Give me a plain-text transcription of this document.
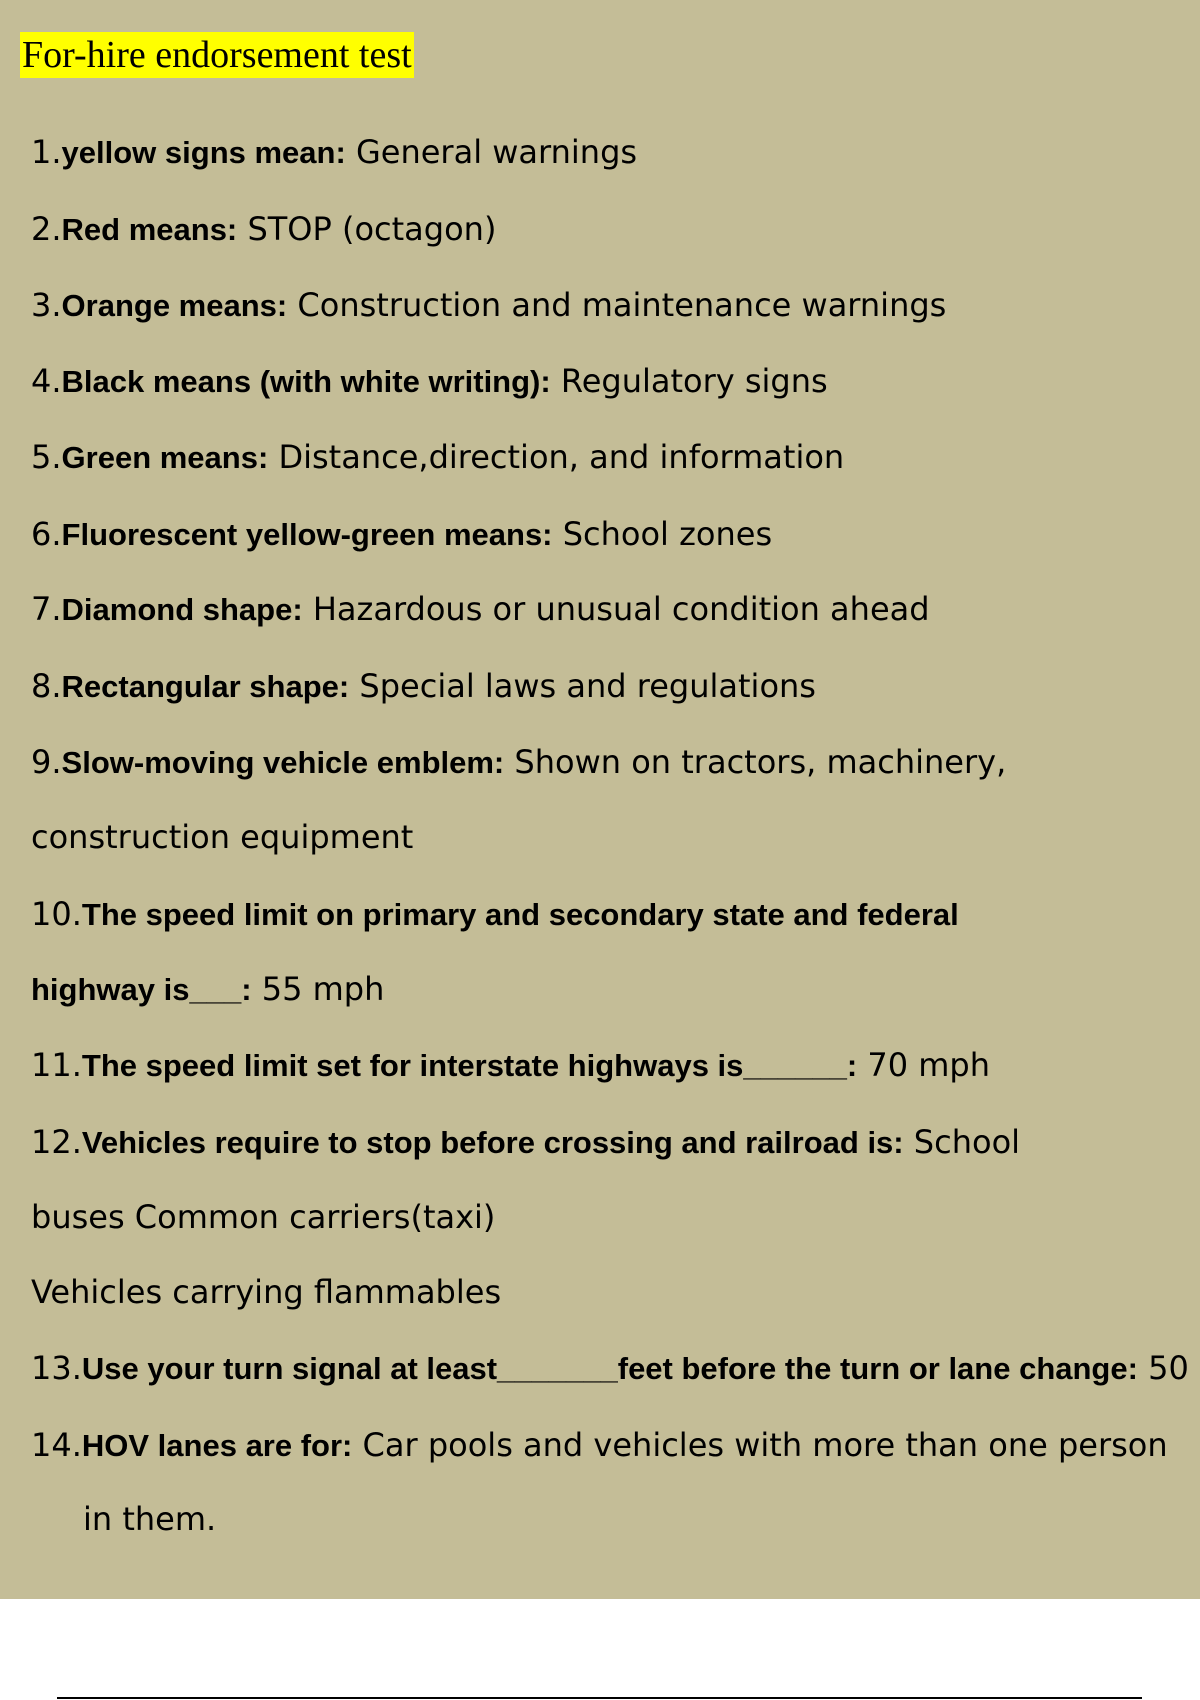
For-hire endorsement test
1.yellow signs mean: General warnings
2.Red means: STOP (octagon)
3.Orange means: Construction and maintenance warnings
4.Black means (with white writing): Regulatory signs
5.Green means: Distance,direction, and information
6.Fluorescent yellow-green means: School zones
7.Diamond shape: Hazardous or unusual condition ahead
8.Rectangular shape: Special laws and regulations
9.Slow-moving vehicle emblem: Shown on tractors, machinery,
construction equipment
10.The speed limit on primary and secondary state and federal
highway is___: 55 mph
11.The speed limit set for interstate highways is______: 70 mph
12.Vehicles require to stop before crossing and railroad is: School
buses Common carriers(taxi)
Vehicles carrying flammables
13.Use your turn signal at least_______feet before the turn or lane change: 50
14.HOV lanes are for: Car pools and vehicles with more than one person
in them.
